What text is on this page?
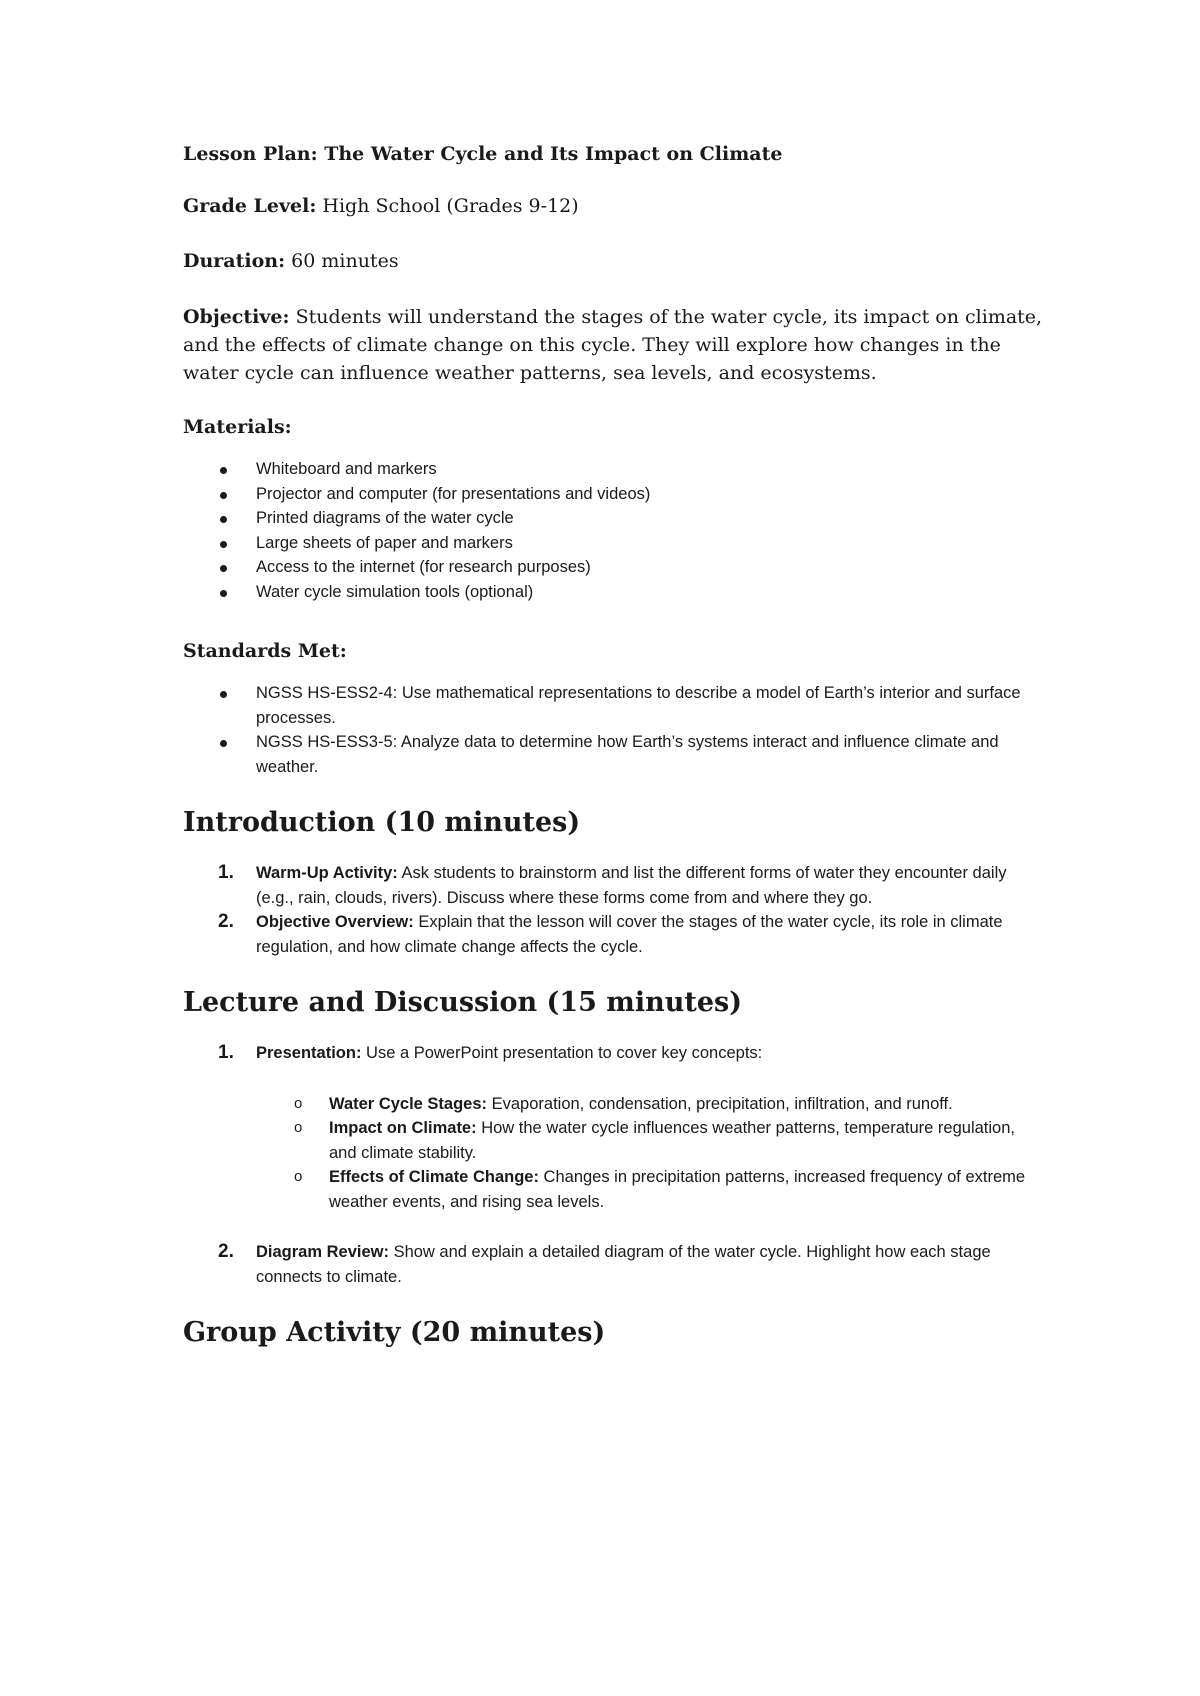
Lesson Plan: The Water Cycle and Its Impact on Climate

Grade Level: High School (Grades 9-12)

Duration: 60 minutes

Objective: Students will understand the stages of the water cycle, its impact on climate, and the effects of climate change on this cycle. They will explore how changes in the water cycle can influence weather patterns, sea levels, and ecosystems.

Materials:

Whiteboard and markers
Projector and computer (for presentations and videos)
Printed diagrams of the water cycle
Large sheets of paper and markers
Access to the internet (for research purposes)
Water cycle simulation tools (optional)

Standards Met:

NGSS HS-ESS2-4: Use mathematical representations to describe a model of Earth’s interior and surface processes.
NGSS HS-ESS3-5: Analyze data to determine how Earth’s systems interact and influence climate and weather.
Introduction (10 minutes)
1. Warm-Up Activity: Ask students to brainstorm and list the different forms of water they encounter daily (e.g., rain, clouds, rivers). Discuss where these forms come from and where they go.
2. Objective Overview: Explain that the lesson will cover the stages of the water cycle, its role in climate regulation, and how climate change affects the cycle.
Lecture and Discussion (15 minutes)
1. Presentation: Use a PowerPoint presentation to cover key concepts:
o Water Cycle Stages: Evaporation, condensation, precipitation, infiltration, and runoff.
o Impact on Climate: How the water cycle influences weather patterns, temperature regulation, and climate stability.
o Effects of Climate Change: Changes in precipitation patterns, increased frequency of extreme weather events, and rising sea levels.
2. Diagram Review: Show and explain a detailed diagram of the water cycle. Highlight how each stage connects to climate.
Group Activity (20 minutes)
